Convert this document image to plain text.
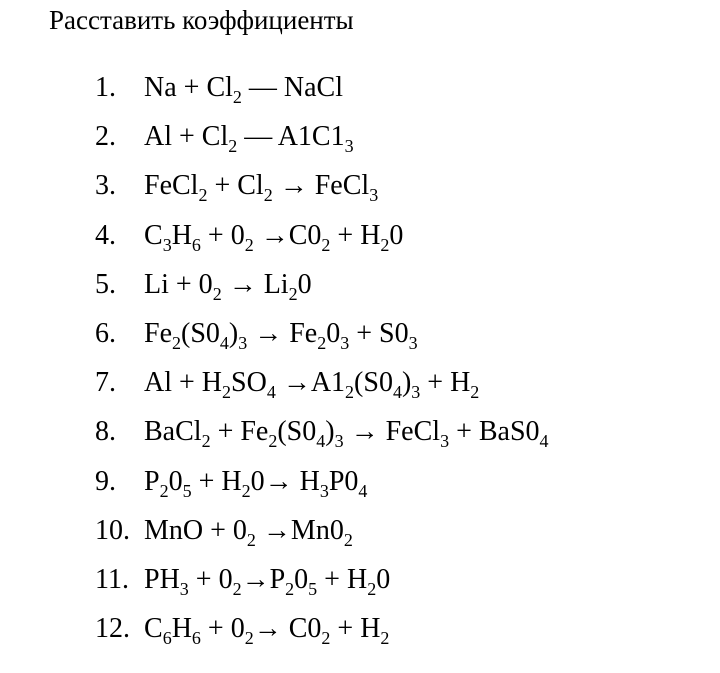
Расставить коэффициенты
1. $Na + Cl_2$ — NaCl
2. $Al + Cl_2$ — $A1C1_3$
3. FeCl$_2$ + $Cl_2$ → FeCl$_3$
4. $C_3H_6 + 0_2 \to C0_2 + H_20$
5. $Li + 0_2 \to Li_20$
6. $Fe_2(S0_4)_3 \to Fe_20_3 + S0_3$
7. $Al + H_2SO_4 \to A1_2(S0_4)_3 + H_2$
8. BaCl$_2$ + $Fe_2(S0_4)_3$ → FeCl$_3$ + $BaS0_4$
9. $P_20_5 + H_20\to H_3P0_4$
10. MnO + $0_2 \to Mn0_2$
11. $PH_3 + 0_2\to P_20_5 + H_20$
12. $C_6H_6 + 0_2\to C0_2 + H_2$
